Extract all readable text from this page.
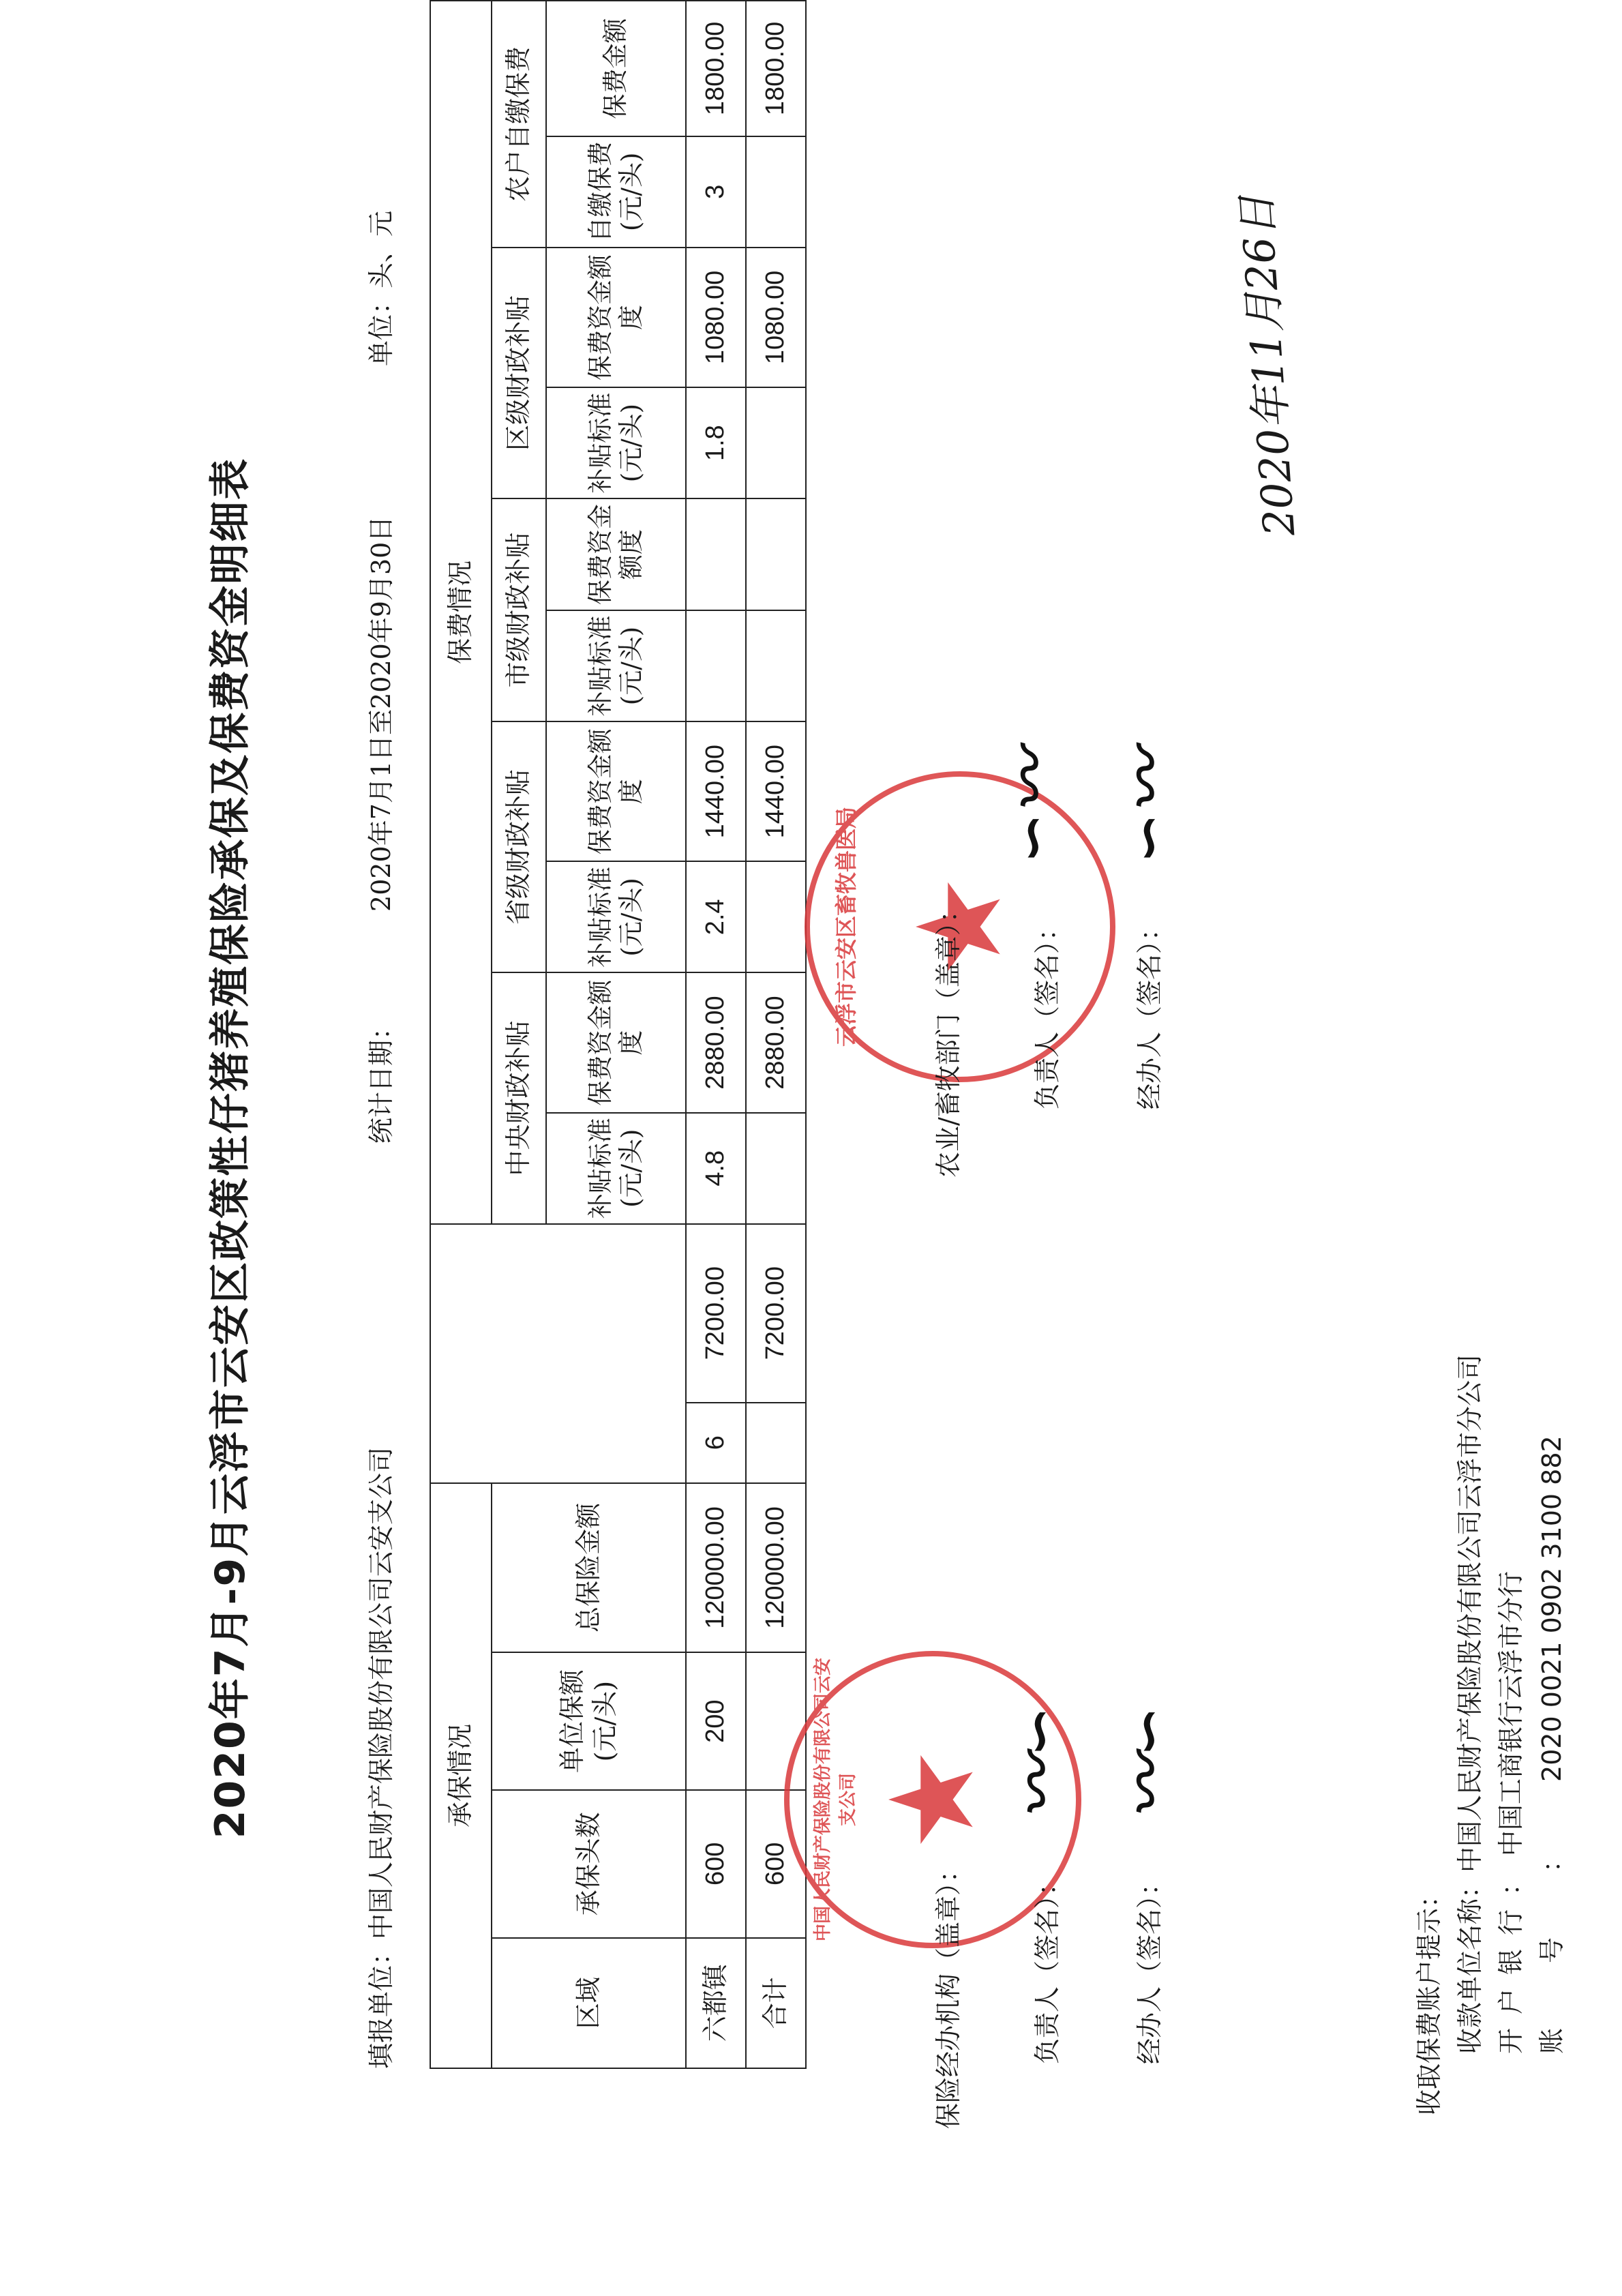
2020年7月-9月云浮市云安区政策性仔猪养殖保险承保及保费资金明细表
填报单位：中国人民财产保险股份有限公司云安支公司
统计日期：2020年7月1日至2020年9月30日
单位：头、元
承保情况						保费情况									
区域	承保头数	单位保额(元/头)	总保险金额			中央财政补贴		省级财政补贴		市级财政补贴		区级财政补贴		农户自缴保费	
						补贴标准(元/头)	保费资金额度	补贴标准(元/头)	保费资金额度	补贴标准(元/头)	保费资金额度	补贴标准(元/头)	保费资金额度	自缴保费(元/头)	保费金额
六都镇	600	200	120000.00	6	7200.00	4.8	2880.00	2.4	1440.00			1.8	1080.00	3	1800.00
合计	600		120000.00		7200.00		2880.00		1440.00				1080.00		1800.00
中国人民财产保险股份有限公司云安支公司 ★
云浮市云安区畜牧兽医局 ★
保险经办机构（盖章）：	负责人（签名）：	经办人（签名）：
〰∽ 〰∽
农业/畜牧部门（盖章）：	负责人（签名）：	经办人（签名）：
∽〰 ∽〰
2020年11月26日
收取保费账户提示： 收款单位名称：中国人民财产保险股份有限公司云浮市分公司
开户银行：中国工商银行云浮市分行
账号：2020 0021 0902 3100 882
